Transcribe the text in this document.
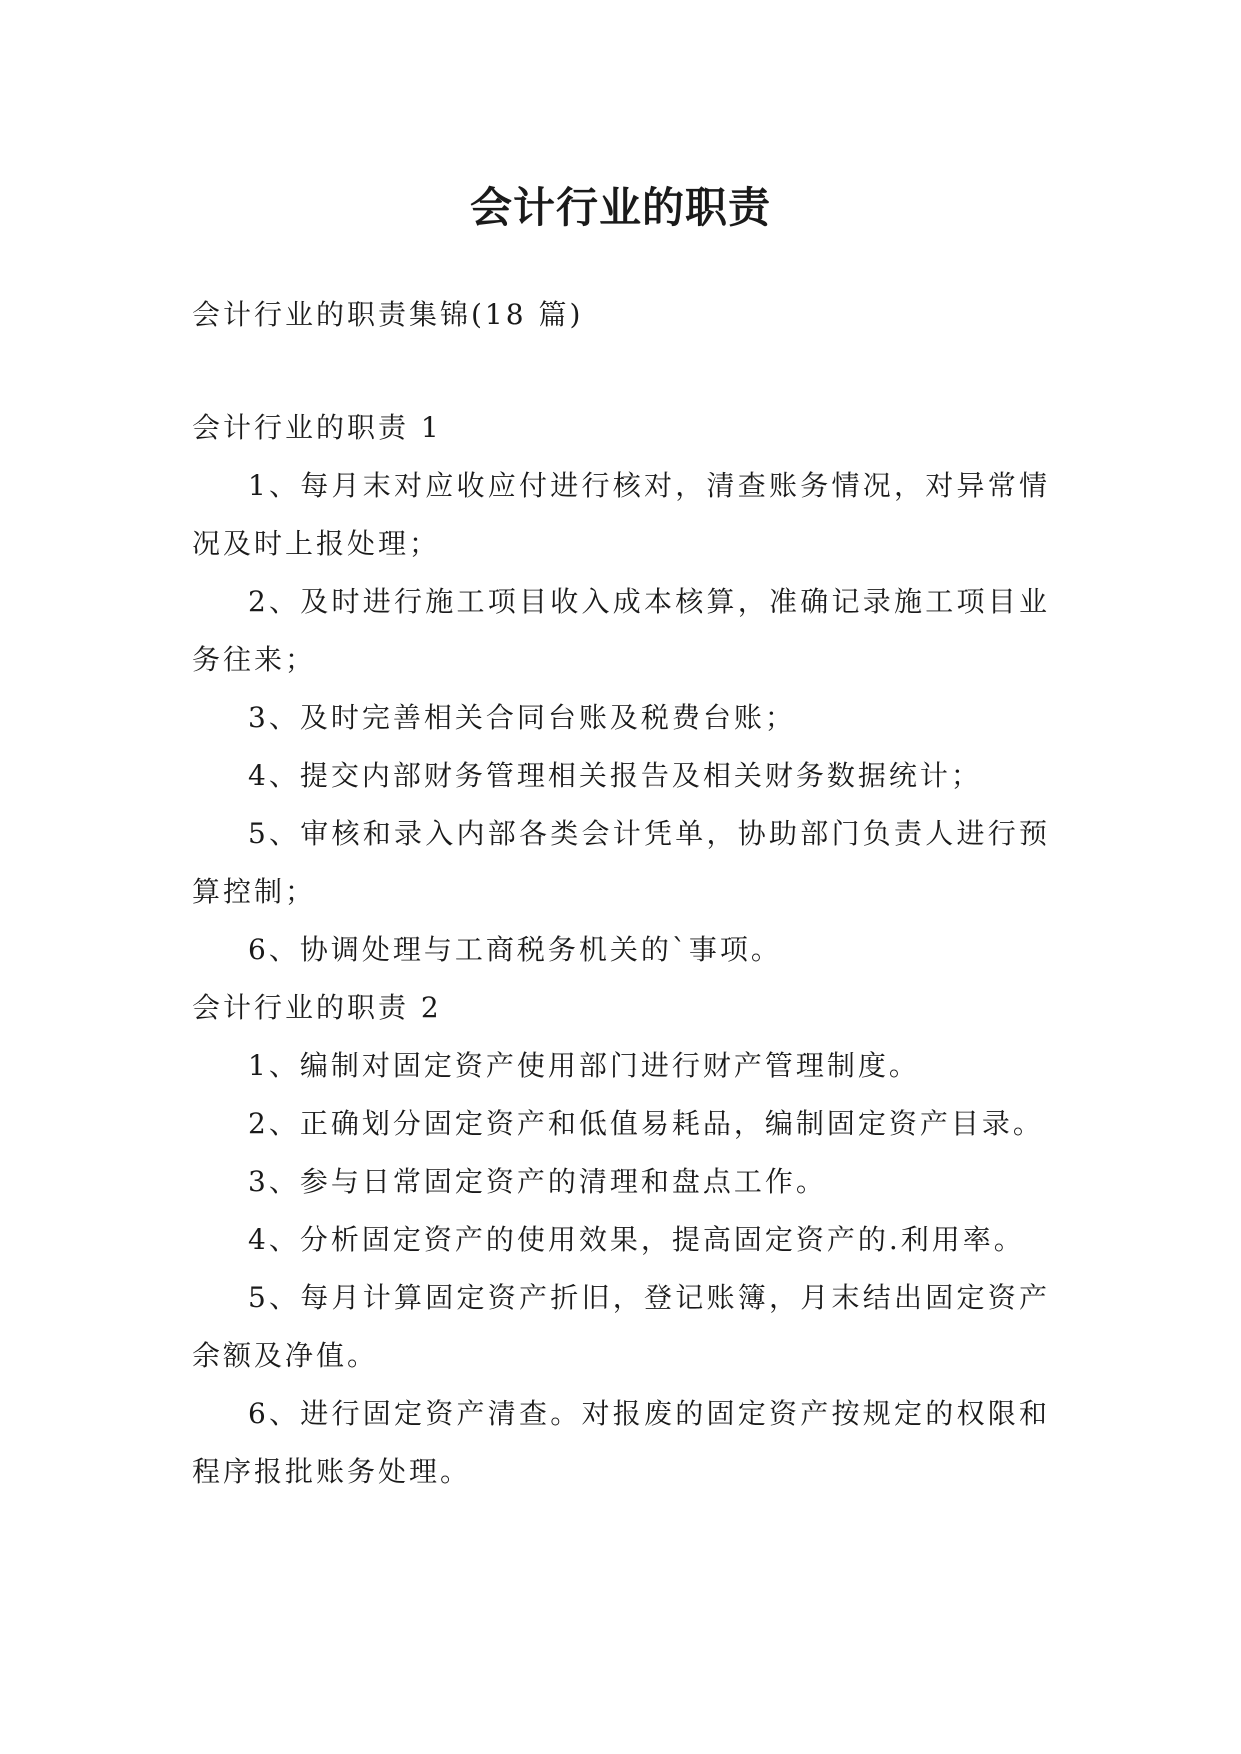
会计行业的职责

会计行业的职责集锦(18 篇)

会计行业的职责 1

1、每月末对应收应付进行核对，清查账务情况，对异常情况及时上报处理；

2、及时进行施工项目收入成本核算，准确记录施工项目业务往来；

3、及时完善相关合同台账及税费台账；

4、提交内部财务管理相关报告及相关财务数据统计；

5、审核和录入内部各类会计凭单，协助部门负责人进行预算控制；

6、协调处理与工商税务机关的`事项。

会计行业的职责 2

1、编制对固定资产使用部门进行财产管理制度。

2、正确划分固定资产和低值易耗品，编制固定资产目录。

3、参与日常固定资产的清理和盘点工作。

4、分析固定资产的使用效果，提高固定资产的.利用率。

5、每月计算固定资产折旧，登记账簿，月末结出固定资产余额及净值。

6、进行固定资产清查。对报废的固定资产按规定的权限和程序报批账务处理。
